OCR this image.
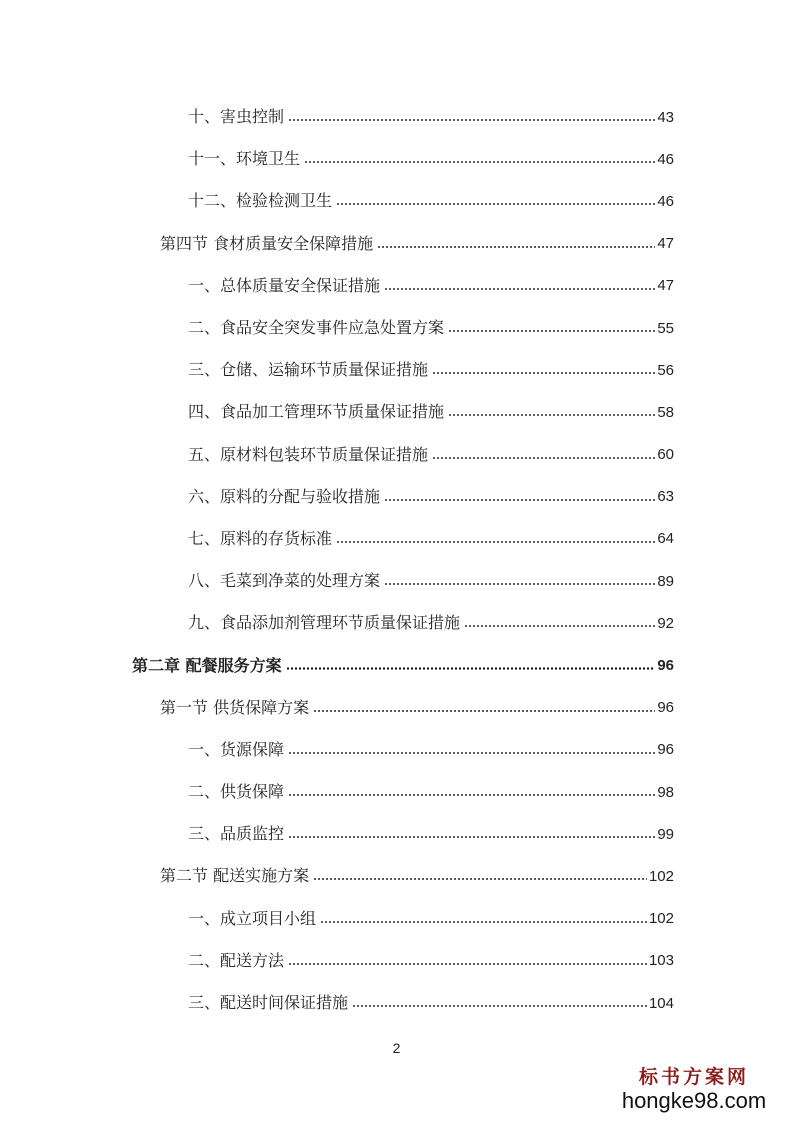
十、害虫控制	43
十一、环境卫生	46
十二、检验检测卫生	46
第四节 食材质量安全保障措施	47
一、总体质量安全保证措施	47
二、食品安全突发事件应急处置方案	55
三、仓储、运输环节质量保证措施	56
四、食品加工管理环节质量保证措施	58
五、原材料包装环节质量保证措施	60
六、原料的分配与验收措施	63
七、原料的存货标准	64
八、毛菜到净菜的处理方案	89
九、食品添加剂管理环节质量保证措施	92
第二章 配餐服务方案	96
第一节 供货保障方案	96
一、货源保障	96
二、供货保障	98
三、品质监控	99
第二节 配送实施方案	102
一、成立项目小组	102
二、配送方法	103
三、配送时间保证措施	104
2
标书方案网
hongke98.com
